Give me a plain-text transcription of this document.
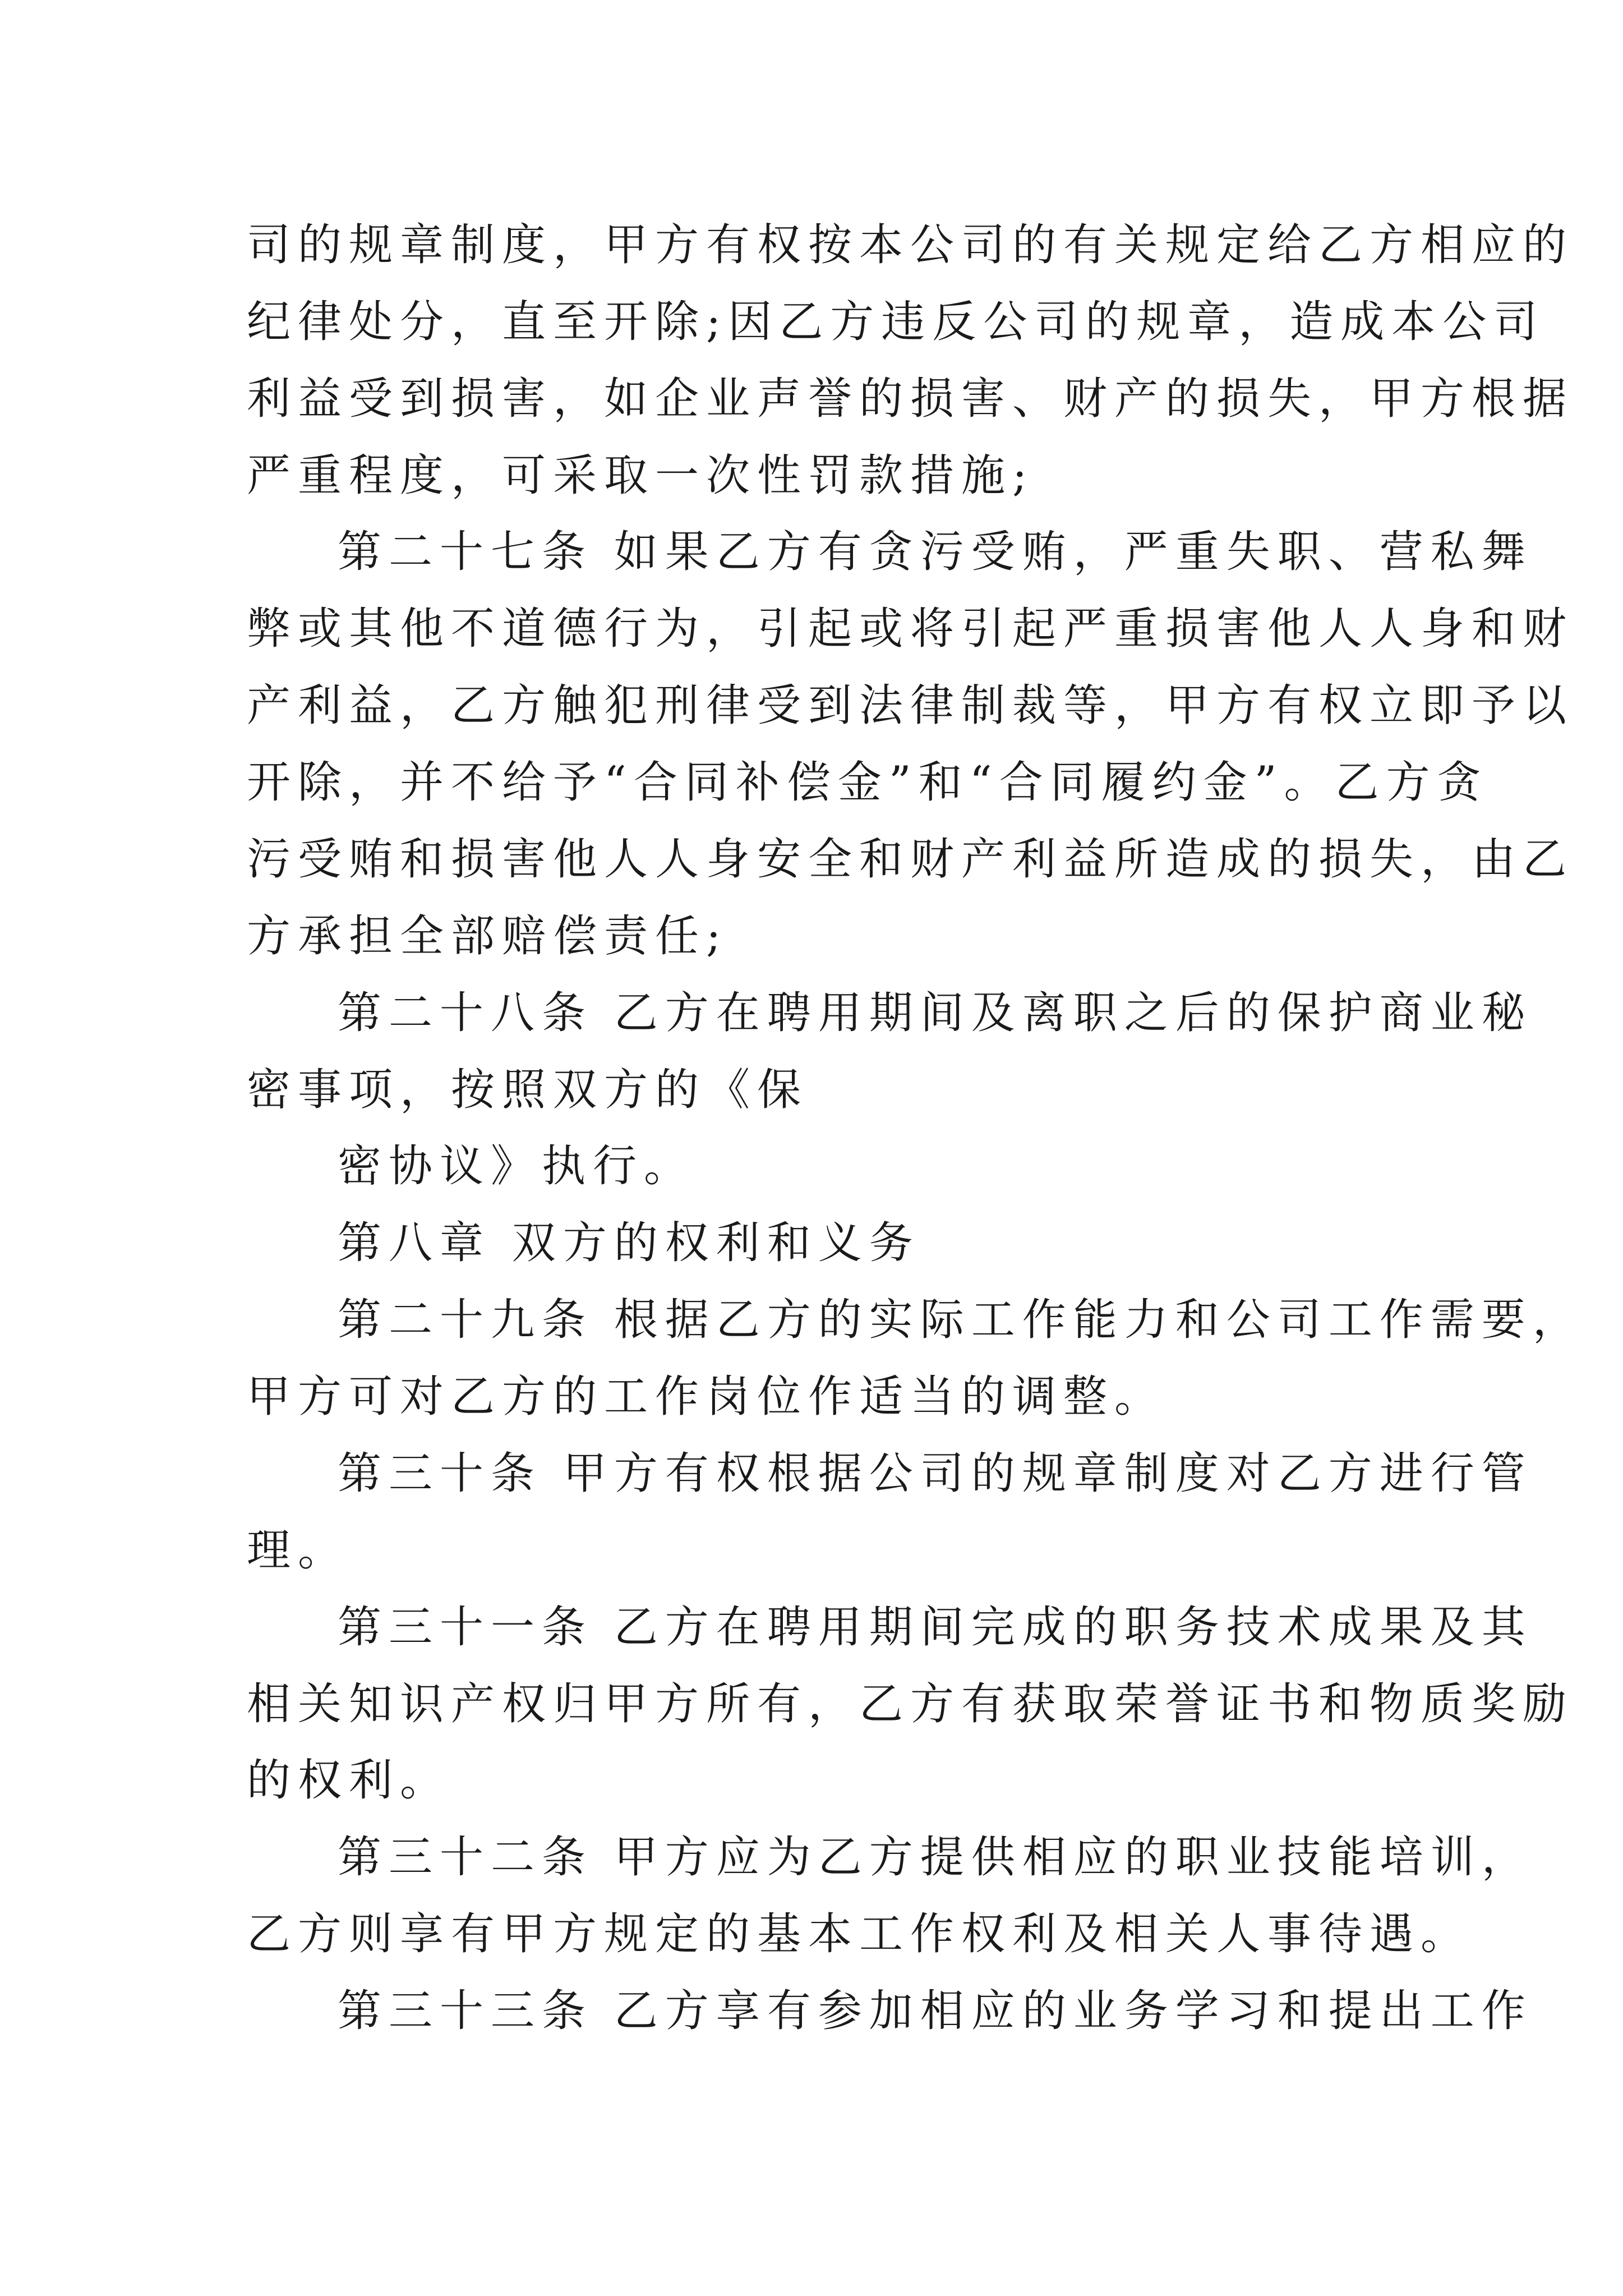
司的规章制度，甲方有权按本公司的有关规定给乙方相应的
纪律处分，直至开除;因乙方违反公司的规章，造成本公司
利益受到损害，如企业声誉的损害、财产的损失，甲方根据
严重程度，可采取一次性罚款措施;
第二十七条 如果乙方有贪污受贿，严重失职、营私舞
弊或其他不道德行为，引起或将引起严重损害他人人身和财
产利益，乙方触犯刑律受到法律制裁等，甲方有权立即予以
开除，并不给予“合同补偿金”和“合同履约金”。乙方贪
污受贿和损害他人人身安全和财产利益所造成的损失，由乙
方承担全部赔偿责任;
第二十八条 乙方在聘用期间及离职之后的保护商业秘
密事项，按照双方的《保
密协议》执行。
第八章 双方的权利和义务
第二十九条 根据乙方的实际工作能力和公司工作需要，
甲方可对乙方的工作岗位作适当的调整。
第三十条 甲方有权根据公司的规章制度对乙方进行管
理。
第三十一条 乙方在聘用期间完成的职务技术成果及其
相关知识产权归甲方所有，乙方有获取荣誉证书和物质奖励
的权利。
第三十二条 甲方应为乙方提供相应的职业技能培训，
乙方则享有甲方规定的基本工作权利及相关人事待遇。
第三十三条 乙方享有参加相应的业务学习和提出工作
